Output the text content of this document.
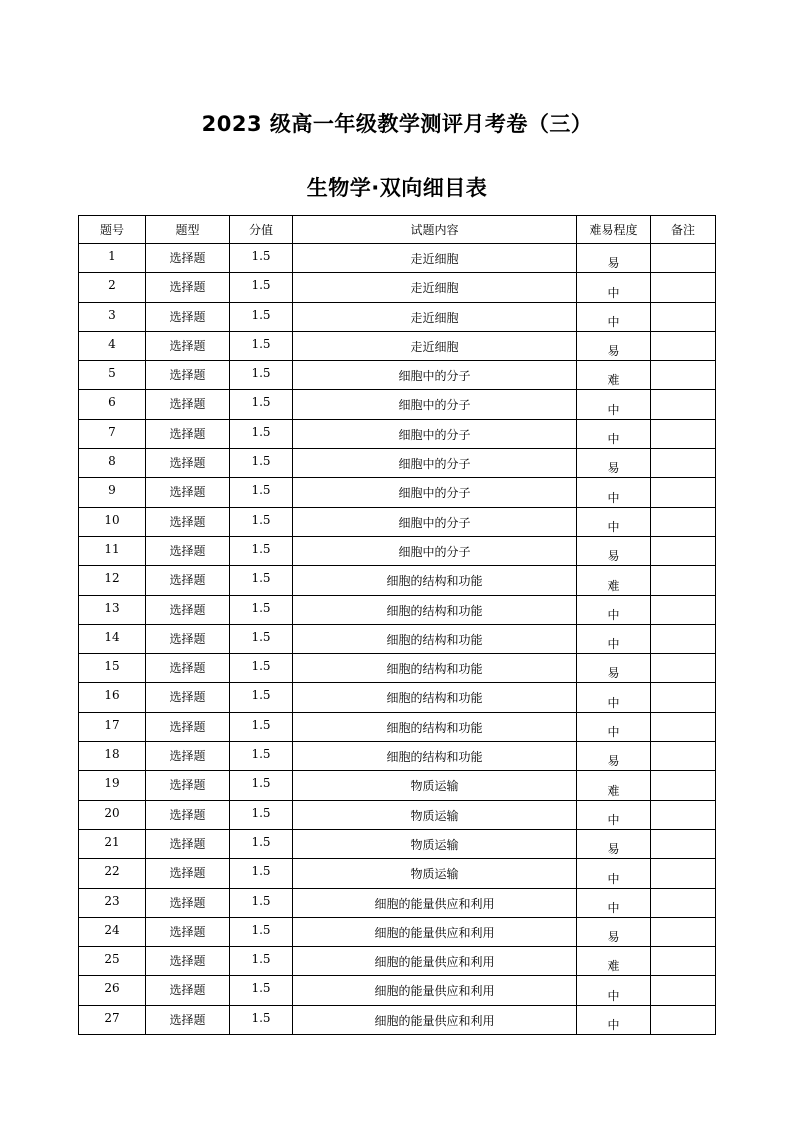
2023 级高一年级教学测评月考卷（三）
生物学·双向细目表
题号	题型	分值	试题内容	难易程度	备注
1	选择题	1.5	走近细胞	易	
2	选择题	1.5	走近细胞	中	
3	选择题	1.5	走近细胞	中	
4	选择题	1.5	走近细胞	易	
5	选择题	1.5	细胞中的分子	难	
6	选择题	1.5	细胞中的分子	中	
7	选择题	1.5	细胞中的分子	中	
8	选择题	1.5	细胞中的分子	易	
9	选择题	1.5	细胞中的分子	中	
10	选择题	1.5	细胞中的分子	中	
11	选择题	1.5	细胞中的分子	易	
12	选择题	1.5	细胞的结构和功能	难	
13	选择题	1.5	细胞的结构和功能	中	
14	选择题	1.5	细胞的结构和功能	中	
15	选择题	1.5	细胞的结构和功能	易	
16	选择题	1.5	细胞的结构和功能	中	
17	选择题	1.5	细胞的结构和功能	中	
18	选择题	1.5	细胞的结构和功能	易	
19	选择题	1.5	物质运输	难	
20	选择题	1.5	物质运输	中	
21	选择题	1.5	物质运输	易	
22	选择题	1.5	物质运输	中	
23	选择题	1.5	细胞的能量供应和利用	中	
24	选择题	1.5	细胞的能量供应和利用	易	
25	选择题	1.5	细胞的能量供应和利用	难	
26	选择题	1.5	细胞的能量供应和利用	中	
27	选择题	1.5	细胞的能量供应和利用	中	
